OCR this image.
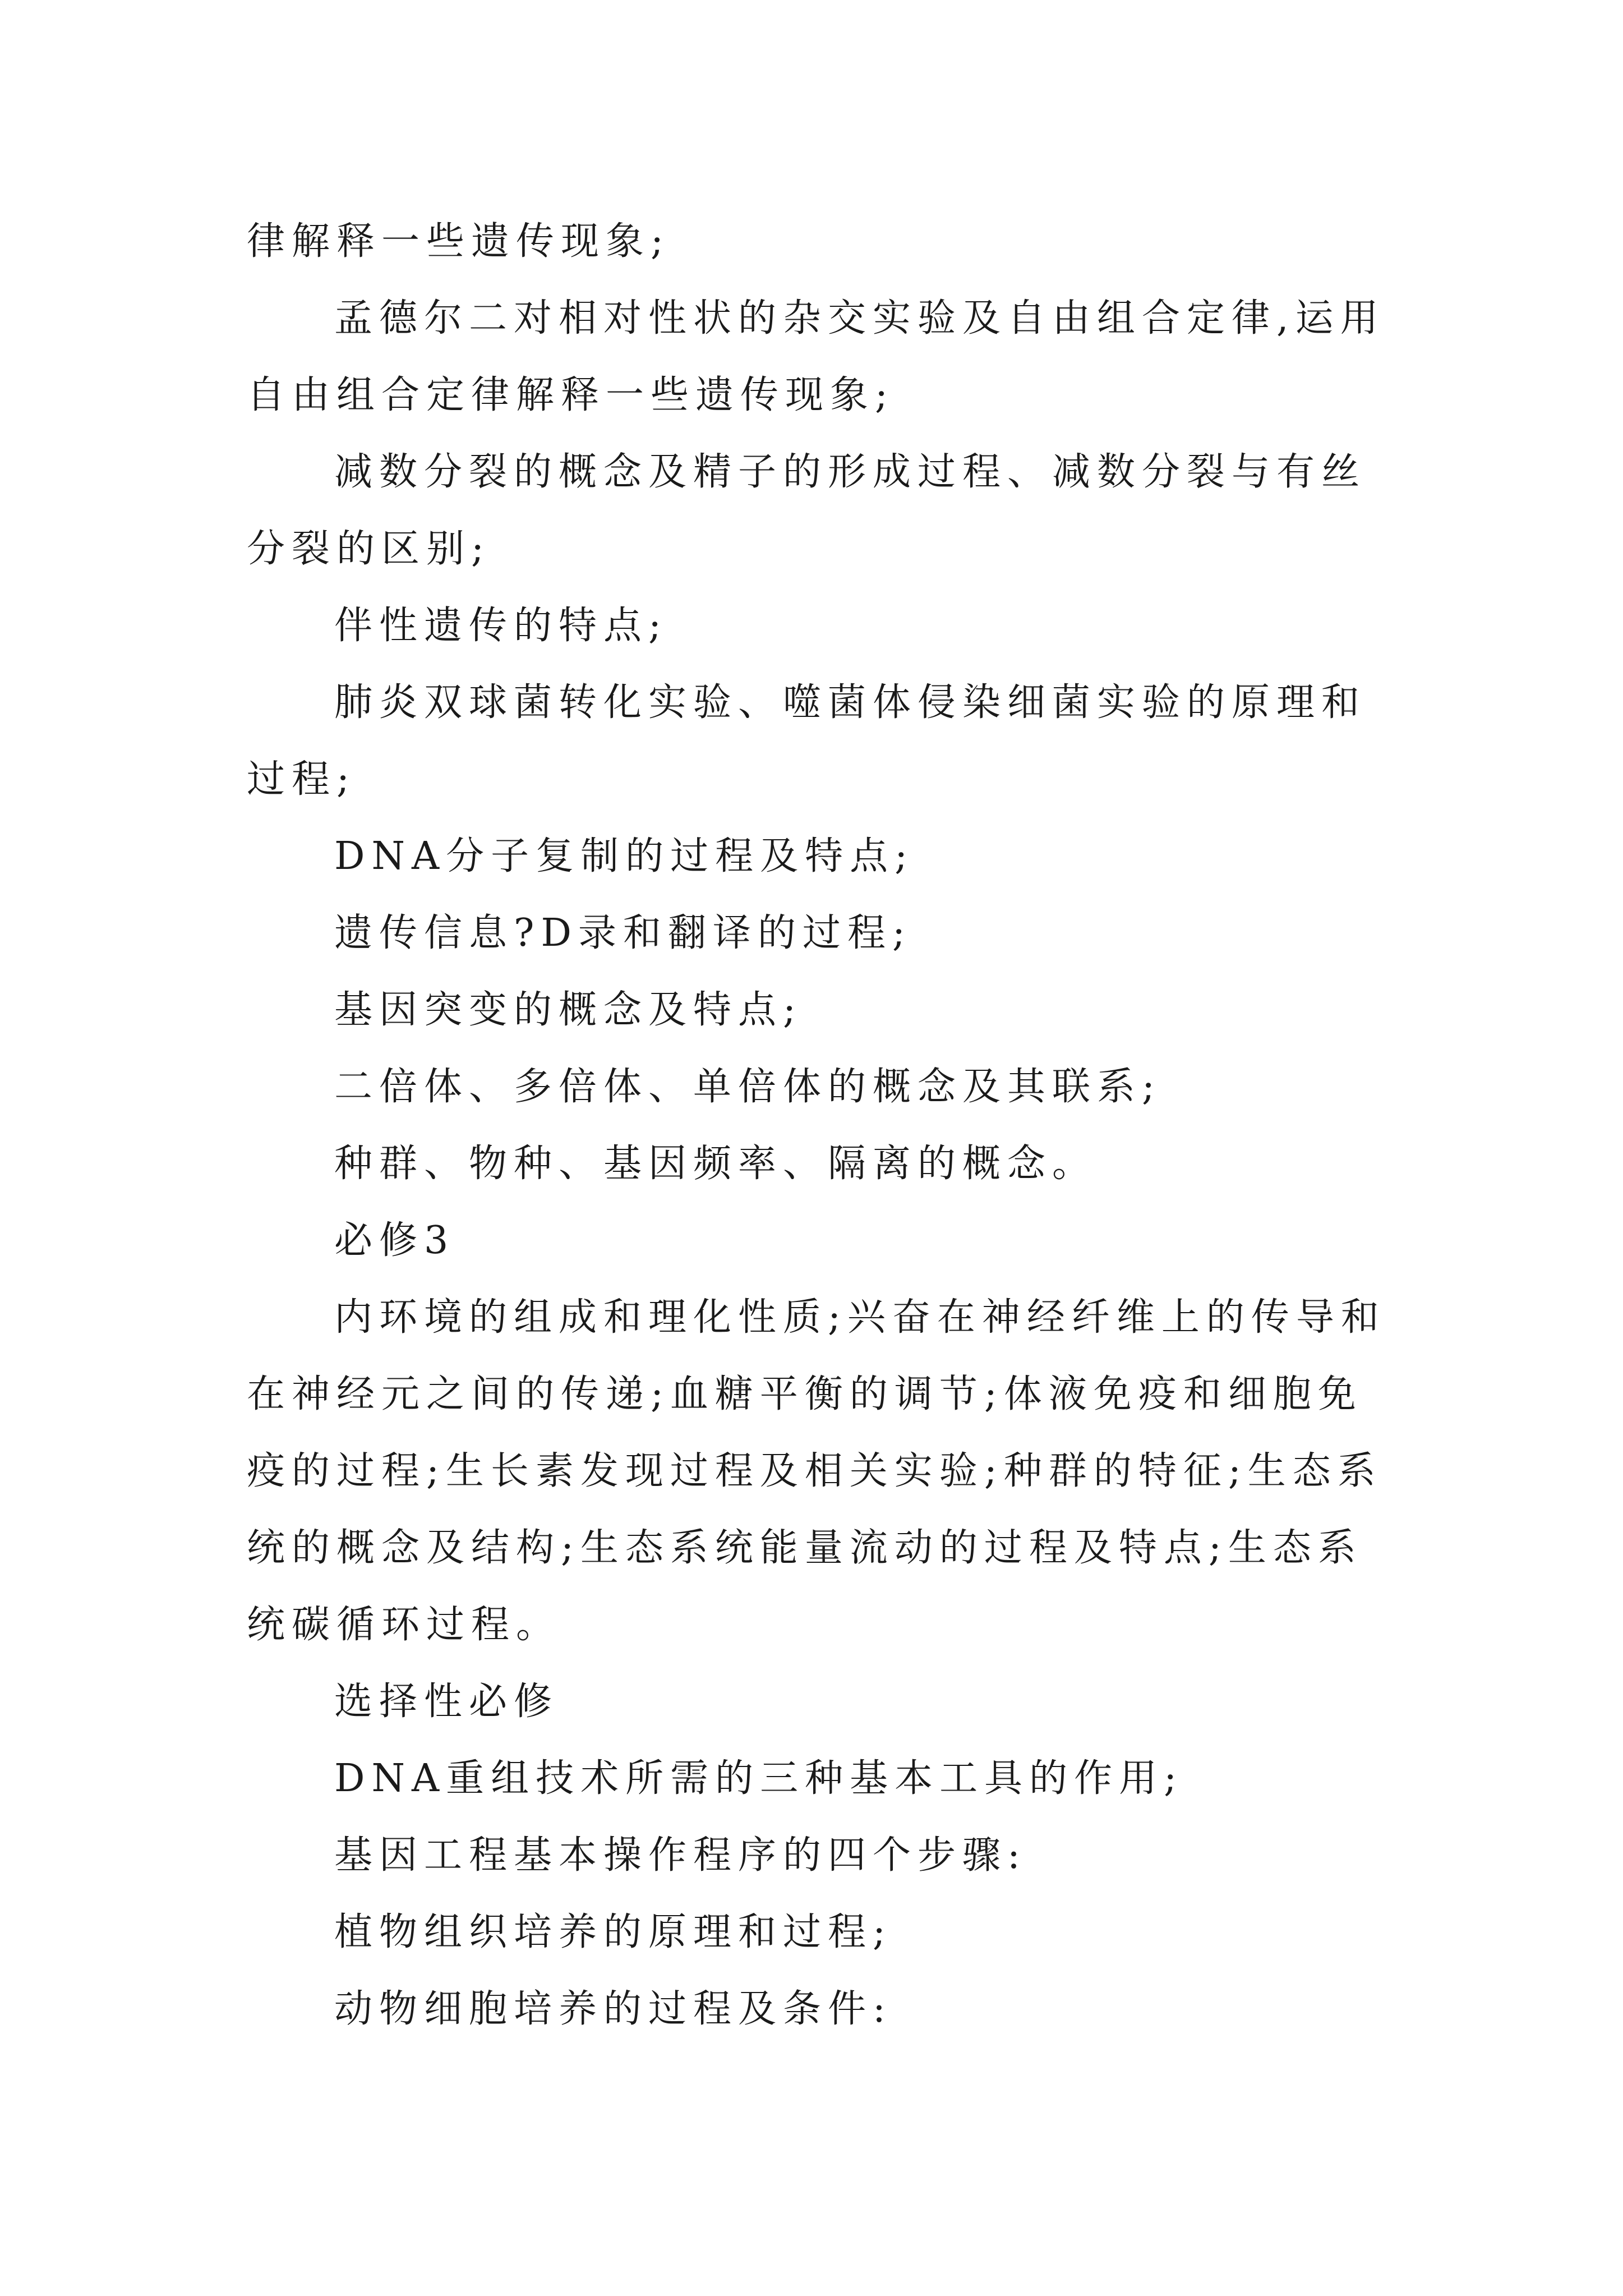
律解释一些遗传现象;

孟德尔二对相对性状的杂交实验及自由组合定律,运用自由组合定律解释一些遗传现象;

减数分裂的概念及精子的形成过程、减数分裂与有丝分裂的区别;

伴性遗传的特点;

肺炎双球菌转化实验、噬菌体侵染细菌实验的原理和过程;

DNA分子复制的过程及特点;

遗传信息?D录和翻译的过程;

基因突变的概念及特点;

二倍体、多倍体、单倍体的概念及其联系;

种群、物种、基因频率、隔离的概念。

必修3

内环境的组成和理化性质;兴奋在神经纤维上的传导和在神经元之间的传递;血糖平衡的调节;体液免疫和细胞免疫的过程;生长素发现过程及相关实验;种群的特征;生态系统的概念及结构;生态系统能量流动的过程及特点;生态系统碳循环过程。

选择性必修

DNA重组技术所需的三种基本工具的作用;

基因工程基本操作程序的四个步骤:

植物组织培养的原理和过程;

动物细胞培养的过程及条件:
